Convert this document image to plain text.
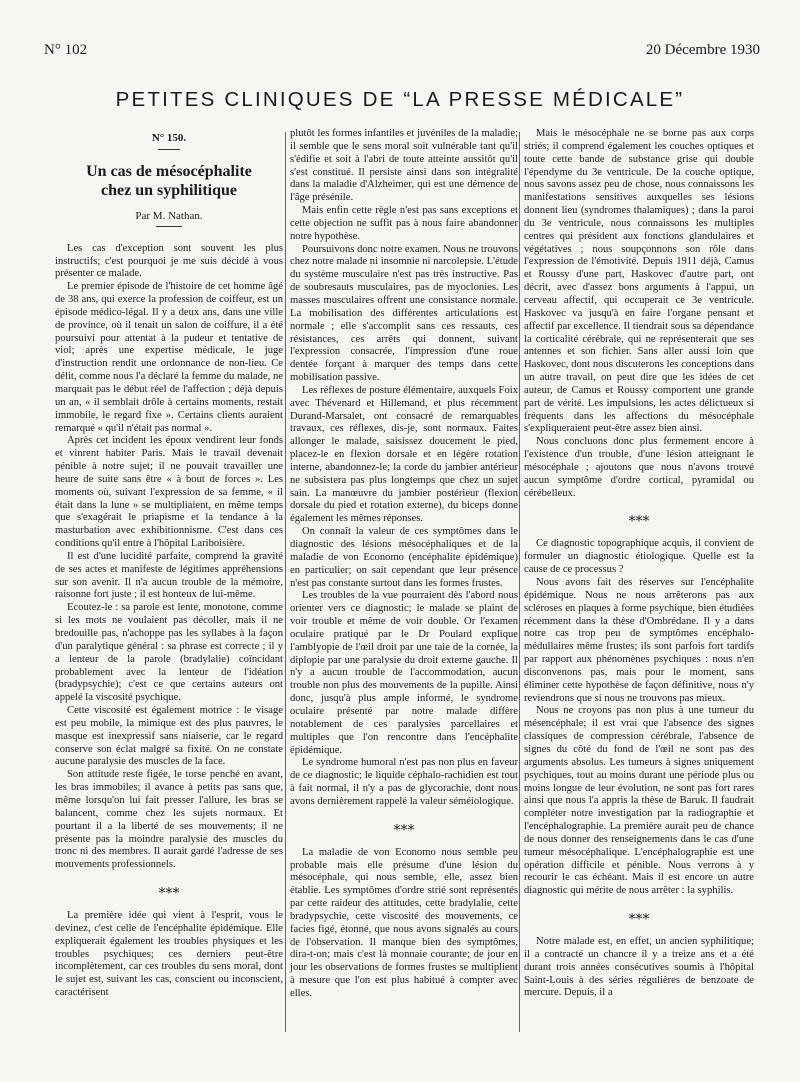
N° 102	20 Décembre 1930
PETITES CLINIQUES DE “LA PRESSE MÉDICALE”

N° 150.

Un cas de mésocéphalite
chez un syphilitique

Par M. Nathan.

Les cas d'exception sont souvent les plus instructifs; c'est pourquoi je me suis décidé à vous présenter ce malade.

Le premier épisode de l'histoire de cet homme âgé de 38 ans, qui exerce la profession de coiffeur, est un épisode médico-légal. Il y a deux ans, dans une ville de province, où il tenait un salon de coiffure, il a été poursuivi pour attentat à la pudeur et tentative de viol; après une expertise médicale, le juge d'instruction rendit une ordonnance de non-lieu. Ce délit, comme nous l'a déclaré la femme du malade, ne marquait pas le début réel de l'affection ; déjà depuis un an, « il semblait drôle à certains moments, restait immobile, le regard fixe ». Certains clients auraient remarqué « qu'il n'était pas normal ».

Après cet incident les époux vendirent leur fonds et vinrent habiter Paris. Mais le travail devenait pénible à notre sujet; il ne pouvait travailler une heure de suite sans être « à bout de forces ». Les moments où, suivant l'expression de sa femme, « il était dans la lune » se multipliaient, en même temps que s'exagérait le priapisme et la tendance à la masturbation avec exhibitionnisme. C'est dans ces conditions qu'il entre à l'hôpital Lariboisière.

Il est d'une lucidité parfaite, comprend la gravité de ses actes et manifeste de légitimes appréhensions sur son avenir. Il n'a aucun trouble de la mémoire, raisonne fort juste ; il est honteux de lui-même.

Ecoutez-le : sa parole est lente, monotone, comme si les mots ne voulaient pas décoller, mais il ne bredouille pas, n'achoppe pas les syllabes à la façon d'un paralytique général : sa phrase est correcte ; il y a lenteur de la parole (bradylalie) coïncidant probablement avec la lenteur de l'idéation (bradypsychie); c'est ce que certains auteurs ont appelé la viscosité psychique.

Cette viscosité est également motrice : le visage est peu mobile, la mimique est des plus pauvres, le masque est inexpressif sans niaiserie, car le regard conserve son éclat malgré sa fixité. On ne constate aucune paralysie des muscles de la face.

Son attitude reste figée, le torse penché en avant, les bras immobiles; il avance à petits pas sans que, même lorsqu'on lui fait presser l'allure, les bras se balancent, comme chez les sujets normaux. Et pourtant il a la liberté de ses mouvements; il ne présente pas la moindre paralysie des muscles du tronc ni des membres. Il aurait gardé l'adresse de ses mouvements professionnels.

⁎⁎⁎

La première idée qui vient à l'esprit, vous le devinez, c'est celle de l'encéphalite épidémique. Elle expliquerait également les troubles physiques et les troubles psychiques; ces derniers peut-être incomplètement, car ces troubles du sens moral, dont le sujet est, suivant les cas, conscient ou inconscient, caractérisent

plutôt les formes infantiles et juvéniles de la maladie; il semble que le sens moral soit vulnérable tant qu'il s'édifie et soit à l'abri de toute atteinte aussitôt qu'il s'est constitué. Il persiste ainsi dans son intégralité dans la maladie d'Alzheimer, qui est une démence de l'âge présénile.

Mais enfin cette règle n'est pas sans exceptions et cette objection ne suffit pas à nous faire abandonner notre hypothèse.

Poursuivons donc notre examen. Nous ne trouvons chez notre malade ni insomnie ni narcolepsie. L'étude du système musculaire n'est pas très instructive. Pas de soubresauts musculaires, pas de myoclonies. Les masses musculaires offrent une consistance normale. La mobilisation des différentes articulations est normale ; elle s'accomplit sans ces ressauts, ces résistances, ces arrêts qui donnent, suivant l'expression consacrée, l'impression d'une roue dentée forçant à marquer des temps dans cette mobilisation passive.

Les réflexes de posture élémentaire, auxquels Foix avec Thévenard et Hillemand, et plus récemment Durand-Marsalet, ont consacré de remarquables travaux, ces réflexes, dis-je, sont normaux. Faites allonger le malade, saisissez doucement le pied, placez-le en flexion dorsale et en légère rotation interne, abandonnez-le; la corde du jambier antérieur ne subsistera pas plus longtemps que chez un sujet sain. La manœuvre du jambier postérieur (flexion dorsale du pied et rotation externe), du biceps donne également les mêmes réponses.

On connaît la valeur de ces symptômes dans le diagnostic des lésions mésocéphaliques et de la maladie de von Economo (encéphalite épidémique) en particulier; on sait cependant que leur présence n'est pas constante surtout dans les formes frustes.

Les troubles de la vue pourraient dès l'abord nous orienter vers ce diagnostic; le malade se plaint de voir trouble et même de voir double. Or l'examen oculaire pratiqué par le Dr Poulard explique l'amblyopie de l'œil droit par une taie de la cornée, la diplopie par une paralysie du droit externe gauche. Il n'y a aucun trouble de l'accommodation, aucun trouble non plus des mouvements de la pupille. Ainsi donc, jusqu'à plus ample informé, le syndrome oculaire présenté par notre malade diffère notablement de ces paralysies parcellaires et multiples que l'on rencontre dans l'encéphalite épidémique.

Le syndrome humoral n'est pas non plus en faveur de ce diagnostic; le liquide céphalo-rachidien est tout à fait normal, il n'y a pas de glycorachie, dont nous avons dernièrement rappelé la valeur séméiologique.

⁎⁎⁎

La maladie de von Economo nous semble peu probable mais elle présume d'une lésion du mésocéphale, qui nous semble, elle, assez bien établie. Les symptômes d'ordre strié sont représentés par cette raideur des attitudes, cette bradylalie, cette bradypsychie, cette viscosité des mouvements, ce facies figé, étonné, que nous avons signalés au cours de l'observation. Il manque bien des symptômes, dira-t-on; mais c'est là monnaie courante; de jour en jour les observations de formes frustes se multiplient à mesure que l'on est plus habitué à compter avec elles.

Mais le mésocéphale ne se borne pas aux corps striés; il comprend également les couches optiques et toute cette bande de substance grise qui double l'épendyme du 3e ventricule. De la couche optique, nous savons assez peu de chose, nous connaissons les manifestations sensitives auxquelles ses lésions donnent lieu (syndromes thalamiques) ; dans la paroi du 3e ventricule, nous connaissons les multiples centres qui président aux fonctions glandulaires et végétatives ; nous soupçonnons son rôle dans l'expression de l'émotivité. Depuis 1911 déjà, Camus et Roussy d'une part, Haskovec d'autre part, ont décrit, avec d'assez bons arguments à l'appui, un cerveau affectif, qui occuperait ce 3e ventricule. Haskovec va jusqu'à en faire l'organe pensant et affectif par excellence. Il tiendrait sous sa dépendance la corticalité cérébrale, qui ne représenterait que ses antennes et son fichier. Sans aller aussi loin que Haskovec, dont nous discuterons les conceptions dans un autre travail, on peut dire que les idées de cet auteur, de Camus et Roussy comportent une grande part de vérité. Les impulsions, les actes délictueux si fréquents dans les affections du mésocéphale s'expliqueraient peut-être assez bien ainsi.

Nous concluons donc plus fermement encore à l'existence d'un trouble, d'une lésion atteignant le mésocéphale ; ajoutons que nous n'avons trouvé aucun symptôme d'ordre cortical, pyramidal ou cérébelleux.

⁎⁎⁎

Ce diagnostic topographique acquis, il convient de formuler un diagnostic étiologique. Quelle est la cause de ce processus ?

Nous avons fait des réserves sur l'encéphalite épidémique. Nous ne nous arrêterons pas aux scléroses en plaques à forme psychique, bien étudiées récemment dans la thèse d'Ombrédane. Il y a dans notre cas trop peu de symptômes encéphalo-médullaires même frustes; ils sont parfois fort tardifs par rapport aux phénomènes psychiques : nous n'en disconvenons pas, mais pour le moment, sans éliminer cette hypothèse de façon définitive, nous n'y reviendrons que si nous ne trouvons pas mieux.

Nous ne croyons pas non plus à une tumeur du mésencéphale; il est vrai que l'absence des signes classiques de compression cérébrale, l'absence de signes du côté du fond de l'œil ne sont pas des arguments absolus. Les tumeurs à signes uniquement psychiques, tout au moins durant une période plus ou moins longue de leur évolution, ne sont pas fort rares ainsi que nous l'a appris la thèse de Baruk. Il faudrait compléter notre investigation par la radiographie et l'encéphalographie. La première aurait peu de chance de nous donner des renseignements dans le cas d'une tumeur mésocéphalique. L'encéphalographie est une opération difficile et pénible. Nous verrons à y recourir le cas échéant. Mais il est encore un autre diagnostic qui mérite de nous arrêter : la syphilis.

⁎⁎⁎

Notre malade est, en effet, un ancien syphilitique; il a contracté un chancre il y a treize ans et a été durant trois années consécutives soumis à l'hôpital Saint-Louis à des séries régulières de benzoate de mercure. Depuis, il a
